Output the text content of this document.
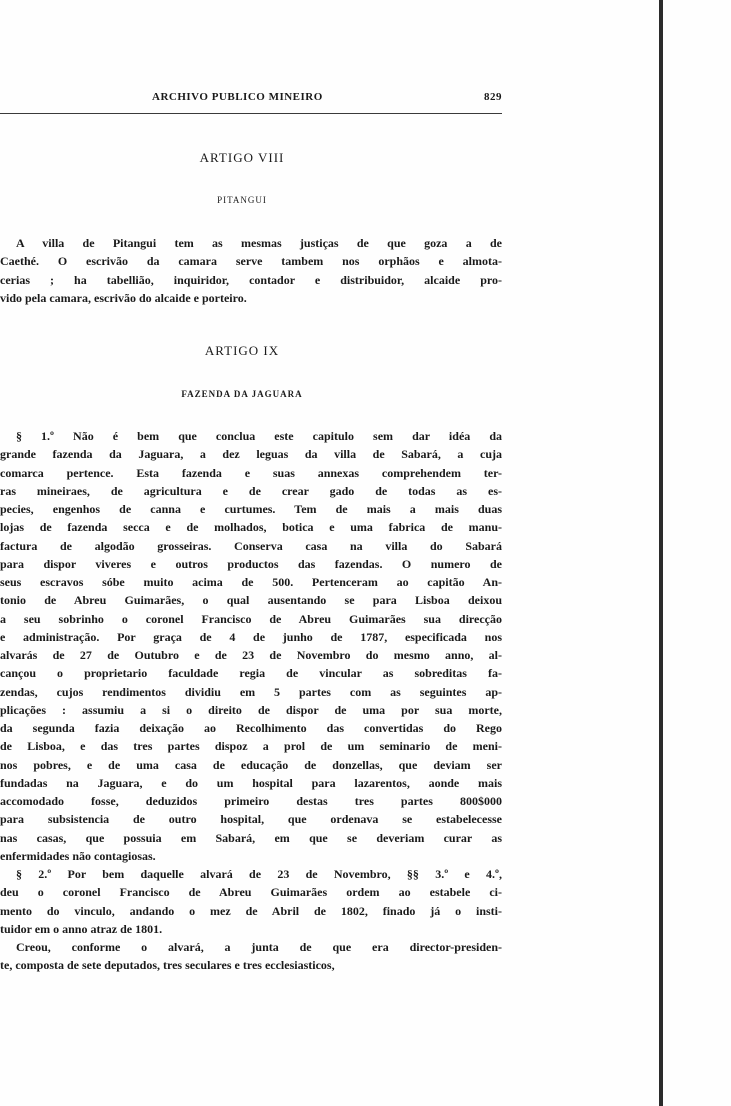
ARCHIVO PUBLICO MINEIRO	829
ARTIGO VIII
PITANGUI
A villa de Pitangui tem as mesmas justiças de que goza a de
Caethé. O escrivão da camara serve tambem nos orphãos e almota-
cerias ; ha tabellião, inquiridor, contador e distribuidor, alcaide pro-
vido pela camara, escrivão do alcaide e porteiro.
ARTIGO IX
FAZENDA DA JAGUARA
§ 1.º Não é bem que conclua este capitulo sem dar idéa da
grande fazenda da Jaguara, a dez leguas da villa de Sabará, a cuja
comarca pertence. Esta fazenda e suas annexas comprehendem ter-
ras mineiraes, de agricultura e de crear gado de todas as es-
pecies, engenhos de canna e curtumes. Tem de mais a mais duas
lojas de fazenda secca e de molhados, botica e uma fabrica de manu-
factura de algodão grosseiras. Conserva casa na villa do Sabará
para dispor viveres e outros productos das fazendas. O numero de
seus escravos sóbe muito acima de 500. Pertenceram ao capitão An-
tonio de Abreu Guimarães, o qual ausentando se para Lisboa deixou
a seu sobrinho o coronel Francisco de Abreu Guimarães sua direcção
e administração. Por graça de 4 de junho de 1787, especificada nos
alvarás de 27 de Outubro e de 23 de Novembro do mesmo anno, al-
cançou o proprietario faculdade regia de vincular as sobreditas fa-
zendas, cujos rendimentos dividiu em 5 partes com as seguintes ap-
plicações : assumiu a si o direito de dispor de uma por sua morte,
da segunda fazia deixação ao Recolhimento das convertidas do Rego
de Lisboa, e das tres partes dispoz a prol de um seminario de meni-
nos pobres, e de uma casa de educação de donzellas, que deviam ser
fundadas na Jaguara, e do um hospital para lazarentos, aonde mais
accomodado fosse, deduzidos primeiro destas tres partes 800$000
para subsistencia de outro hospital, que ordenava se estabelecesse
nas casas, que possuia em Sabará, em que se deveriam curar as
enfermidades não contagiosas.
§ 2.º Por bem daquelle alvará de 23 de Novembro, §§ 3.º e 4.º,
deu o coronel Francisco de Abreu Guimarães ordem ao estabele ci-
mento do vinculo, andando o mez de Abril de 1802, finado já o insti-
tuidor em o anno atraz de 1801.
Creou, conforme o alvará, a junta de que era director-presiden-
te, composta de sete deputados, tres seculares e tres ecclesiasticos,
